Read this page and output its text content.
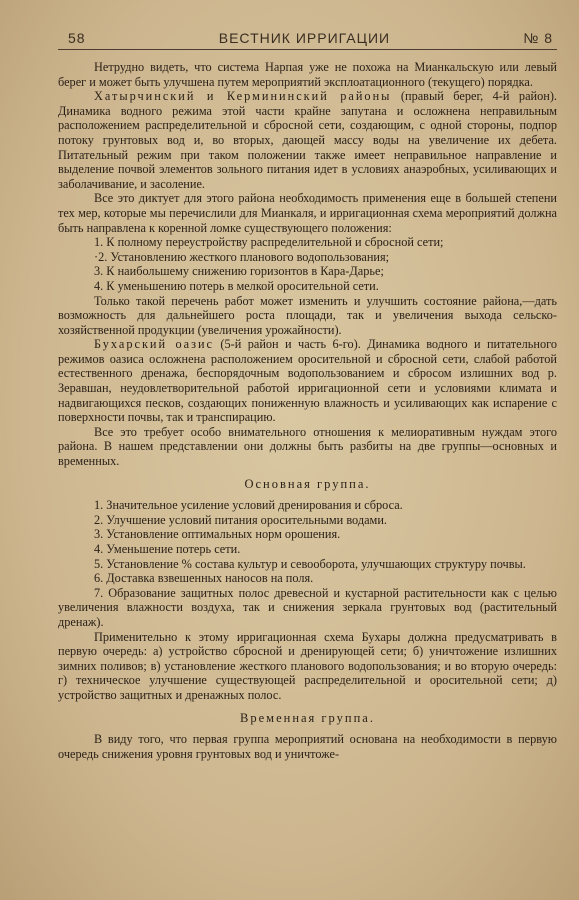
58	ВЕСТНИК ИРРИГАЦИИ	№ 8

Нетрудно видеть, что система Нарпая уже не похожа на Мианкальскую или левый берег и может быть улучшена путем мероприятий эксплоатационного (текущего) порядка.

Хатырчинский и Кермининский районы (правый берег, 4-й район). Динамика водного режима этой части крайне запутана и осложнена неправильным расположением распределительной и сбросной сети, создающим, с одной стороны, подпор потоку грунтовых вод и, во вторых, дающей массу воды на увеличение их дебета. Питательный режим при таком положении также имеет неправильное направление и выделение почвой элементов зольного питания идет в условиях анаэробных, усиливающих и заболачивание, и засоление.

Все это диктует для этого района необходимость применения еще в большей степени тех мер, которые мы перечислили для Мианкаля, и ирригационная схема мероприятий должна быть направлена к коренной ломке существующего положения:

1. К полному переустройству распределительной и сбросной сети;
·2. Установлению жесткого планового водопользования;
3. К наибольшему снижению горизонтов в Кара-Дарье;
4. К уменьшению потерь в мелкой оросительной сети.

Только такой перечень работ может изменить и улучшить состояние района,—дать возможность для дальнейшего роста площади, так и увеличения выхода сельско-хозяйственной продукции (увеличения урожайности).

Бухарский оазис (5-й район и часть 6-го). Динамика водного и питательного режимов оазиса осложнена расположением оросительной и сбросной сети, слабой работой естественного дренажа, беспорядочным водопользованием и сбросом излишних вод р. Зеравшан, неудовлетворительной работой ирригационной сети и условиями климата и надвигающихся песков, создающих пониженную влажность и усиливающих как испарение с поверхности почвы, так и транспирацию.

Все это требует особо внимательного отношения к мелиоративным нуждам этого района. В нашем представлении они должны быть разбиты на две группы—основных и временных.

Основная группа.
1. Значительное усиление условий дренирования и сброса.
2. Улучшение условий питания оросительными водами.
3. Установление оптимальных норм орошения.
4. Уменьшение потерь сети.
5. Установление % состава культур и севооборота, улучшающих структуру почвы.
6. Доставка взвешенных наносов на поля.
7. Образование защитных полос древесной и кустарной растительности как с целью увеличения влажности воздуха, так и снижения зеркала грунтовых вод (растительный дренаж).

Применительно к этому ирригационная схема Бухары должна предусматривать в первую очередь: а) устройство сбросной и дренирующей сети; б) уничтожение излишних зимних поливов; в) установление жесткого планового водопользования; и во вторую очередь: г) техническое улучшение существующей распределительной и оросительной сети; д) устройство защитных и дренажных полос.

Временная группа.

В виду того, что первая группа мероприятий основана на необходимости в первую очередь снижения уровня грунтовых вод и уничтоже-
